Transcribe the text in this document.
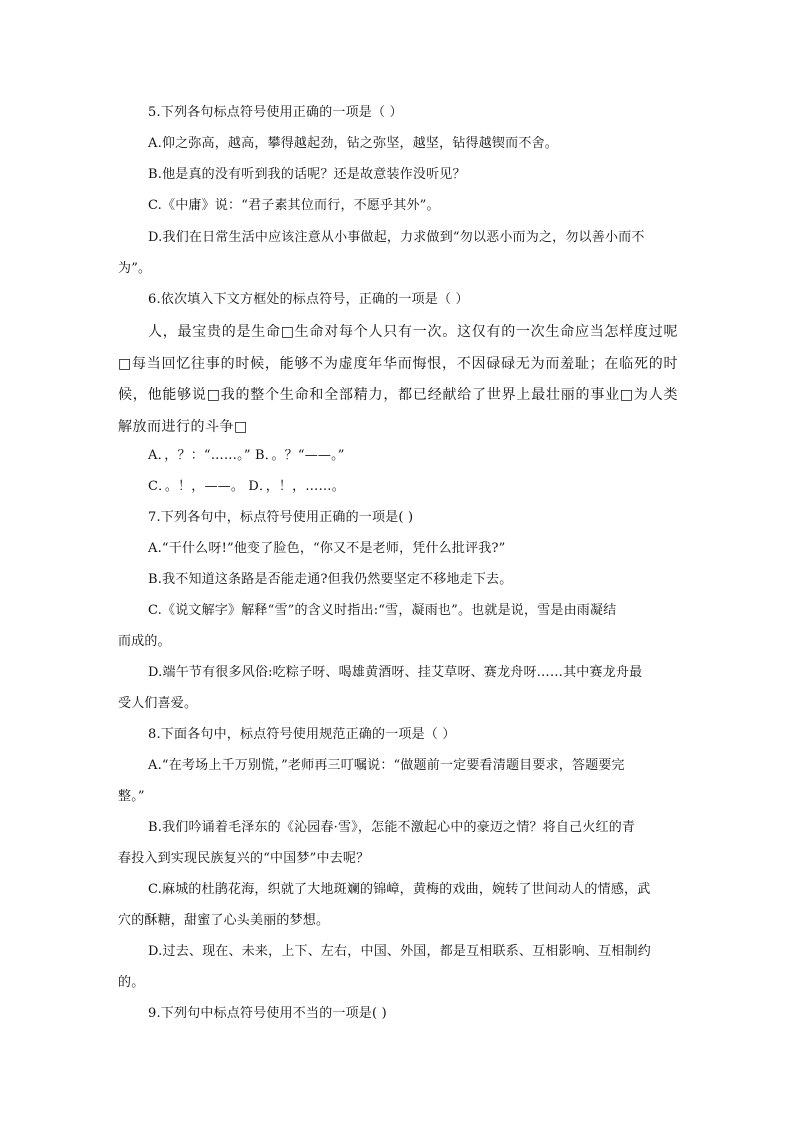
5.下列各句标点符号使用正确的一项是（ ）
A.仰之弥高，越高，攀得越起劲，钻之弥坚，越坚，钻得越锲而不舍。
B.他是真的没有听到我的话呢？还是故意装作没听见？
C.《中庸》说：“君子素其位而行，不愿乎其外”。
D.我们在日常生活中应该注意从小事做起，力求做到“勿以恶小而为之，勿以善小而不
为”。
6.依次填入下文方框处的标点符号，正确的一项是（ ）
人，最宝贵的是生命□生命对每个人只有一次。这仅有的一次生命应当怎样度过呢□每当回忆往事的时候，能够不为虚度年华而悔恨，不因碌碌无为而羞耻；在临死的时候，他能够说□我的整个生命和全部精力，都已经献给了世界上最壮丽的事业□为人类解放而进行的斗争□
A．，？：“……。” B．。？“——。”
C．。！，——。 D．，！，……。
7.下列各句中，标点符号使用正确的一项是( )
A.“干什么呀!”他变了脸色，“你又不是老师，凭什么批评我?”
B.我不知道这条路是否能走通?但我仍然要坚定不移地走下去。
C.《说文解字》解释“雪”的含义时指出:“雪，凝雨也”。也就是说，雪是由雨凝结
而成的。
D.端午节有很多风俗:吃粽子呀、喝雄黄酒呀、挂艾草呀、赛龙舟呀……其中赛龙舟最
受人们喜爱。
8.下面各句中，标点符号使用规范正确的一项是（ ）
A.“在考场上千万别慌，”老师再三叮嘱说：“做题前一定要看清题目要求，答题要完
整。”
B.我们吟诵着毛泽东的《沁园春·雪》，怎能不激起心中的豪迈之情？将自己火红的青
春投入到实现民族复兴的“中国梦”中去呢？
C.麻城的杜鹃花海，织就了大地斑斓的锦嶂，黄梅的戏曲，婉转了世间动人的情感，武
穴的酥糖，甜蜜了心头美丽的梦想。
D.过去、现在、未来，上下、左右，中国、外国，都是互相联系、互相影响、互相制约
的。
9.下列句中标点符号使用不当的一项是( )
